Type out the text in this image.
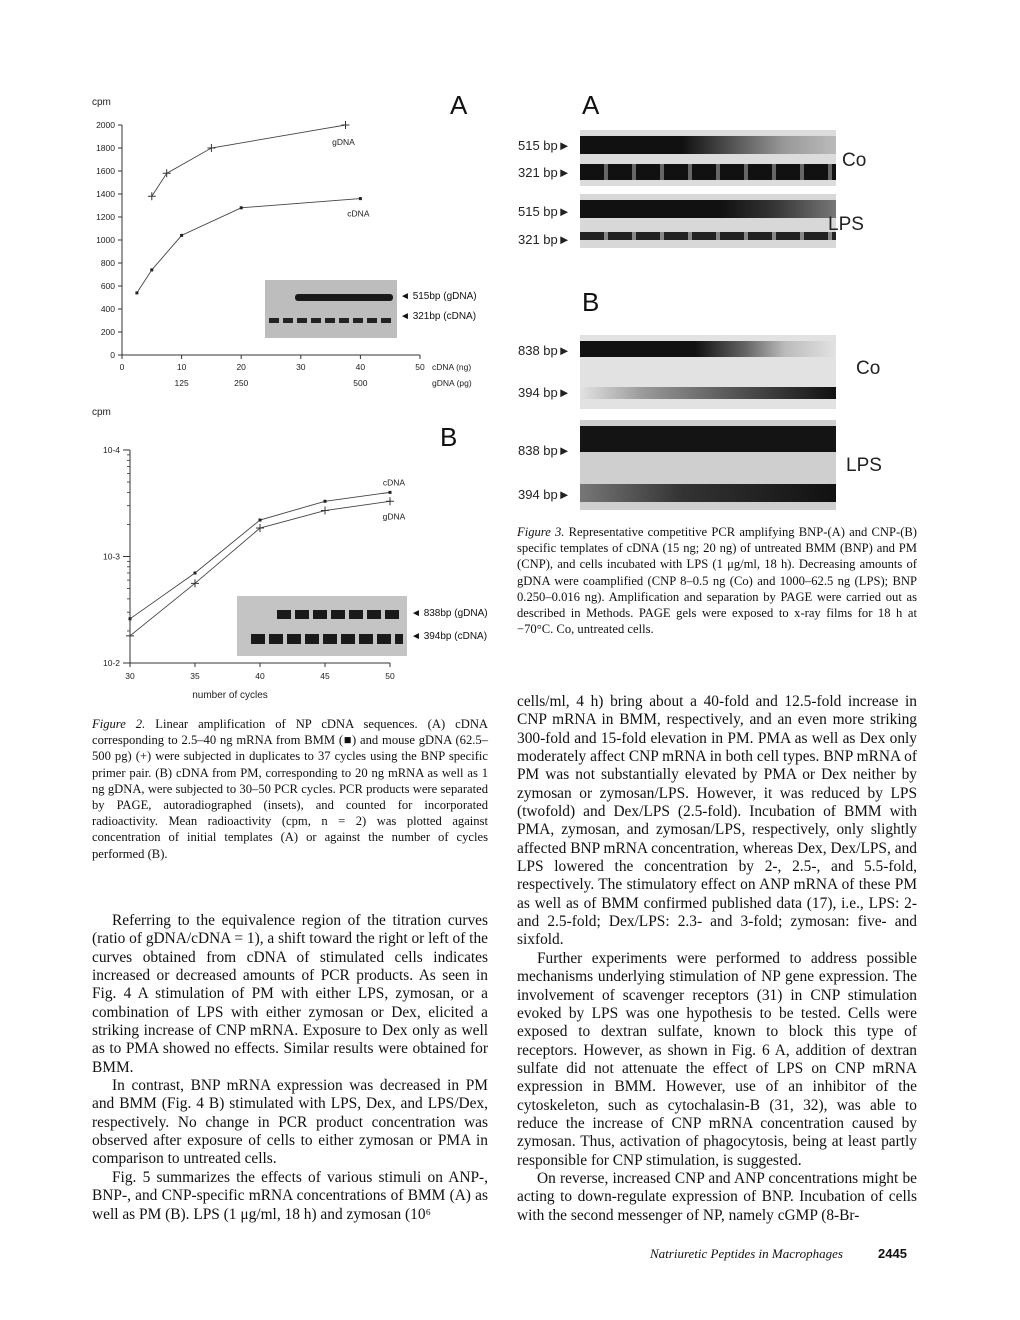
cpm
0
200
400
600
800
1000
1200
1400
1600
1800
2000
0	10	20	30	40	50 cDNA (ng)
125	250	500	gDNA (pg)
gDNA
cDNA
cpm
10-2
10-3
10-4
30	35	40	45	50
number of cycles
cDNA
gDNA
A
B
◄ 515bp (gDNA)
◄ 321bp (cDNA)
◄ 838bp (gDNA)
◄ 394bp (cDNA)
Figure 2. Linear amplification of NP cDNA sequences. (A) cDNA corresponding to 2.5–40 ng mRNA from BMM (■) and mouse gDNA (62.5–500 pg) (+) were subjected in duplicates to 37 cycles using the BNP specific primer pair. (B) cDNA from PM, corresponding to 20 ng mRNA as well as 1 ng gDNA, were subjected to 30–50 PCR cycles. PCR products were separated by PAGE, autoradiographed (insets), and counted for incorporated radioactivity. Mean radioactivity (cpm, n = 2) was plotted against concentration of initial templates (A) or against the number of cycles performed (B).
A
B
515 bp►
321 bp►
Co
515 bp►
321 bp►
LPS
838 bp►
394 bp►
Co
838 bp►
394 bp►
LPS
Figure 3. Representative competitive PCR amplifying BNP-(A) and CNP-(B) specific templates of cDNA (15 ng; 20 ng) of untreated BMM (BNP) and PM (CNP), and cells incubated with LPS (1 μg/ml, 18 h). Decreasing amounts of gDNA were coamplified (CNP 8–0.5 ng (Co) and 1000–62.5 ng (LPS); BNP 0.250–0.016 ng). Amplification and separation by PAGE were carried out as described in Methods. PAGE gels were exposed to x-ray films for 18 h at −70°C. Co, untreated cells.

Referring to the equivalence region of the titration curves (ratio of gDNA/cDNA = 1), a shift toward the right or left of the curves obtained from cDNA of stimulated cells indicates increased or decreased amounts of PCR products. As seen in Fig. 4 A stimulation of PM with either LPS, zymosan, or a combination of LPS with either zymosan or Dex, elicited a striking increase of CNP mRNA. Exposure to Dex only as well as to PMA showed no effects. Similar results were obtained for BMM.

In contrast, BNP mRNA expression was decreased in PM and BMM (Fig. 4 B) stimulated with LPS, Dex, and LPS/Dex, respectively. No change in PCR product concentration was observed after exposure of cells to either zymosan or PMA in comparison to untreated cells.

Fig. 5 summarizes the effects of various stimuli on ANP-, BNP-, and CNP-specific mRNA concentrations of BMM (A) as well as PM (B). LPS (1 μg/ml, 18 h) and zymosan (10⁶

cells/ml, 4 h) bring about a 40-fold and 12.5-fold increase in CNP mRNA in BMM, respectively, and an even more striking 300-fold and 15-fold elevation in PM. PMA as well as Dex only moderately affect CNP mRNA in both cell types. BNP mRNA of PM was not substantially elevated by PMA or Dex neither by zymosan or zymosan/LPS. However, it was reduced by LPS (twofold) and Dex/LPS (2.5-fold). Incubation of BMM with PMA, zymosan, and zymosan/LPS, respectively, only slightly affected BNP mRNA concentration, whereas Dex, Dex/LPS, and LPS lowered the concentration by 2-, 2.5-, and 5.5-fold, respectively. The stimulatory effect on ANP mRNA of these PM as well as of BMM confirmed published data (17), i.e., LPS: 2- and 2.5-fold; Dex/LPS: 2.3- and 3-fold; zymosan: five- and sixfold.

Further experiments were performed to address possible mechanisms underlying stimulation of NP gene expression. The involvement of scavenger receptors (31) in CNP stimulation evoked by LPS was one hypothesis to be tested. Cells were exposed to dextran sulfate, known to block this type of receptors. However, as shown in Fig. 6 A, addition of dextran sulfate did not attenuate the effect of LPS on CNP mRNA expression in BMM. However, use of an inhibitor of the cytoskeleton, such as cytochalasin-B (31, 32), was able to reduce the increase of CNP mRNA concentration caused by zymosan. Thus, activation of phagocytosis, being at least partly responsible for CNP stimulation, is suggested.

On reverse, increased CNP and ANP concentrations might be acting to down-regulate expression of BNP. Incubation of cells with the second messenger of NP, namely cGMP (8-Br-

Natriuretic Peptides in Macrophages	2445
